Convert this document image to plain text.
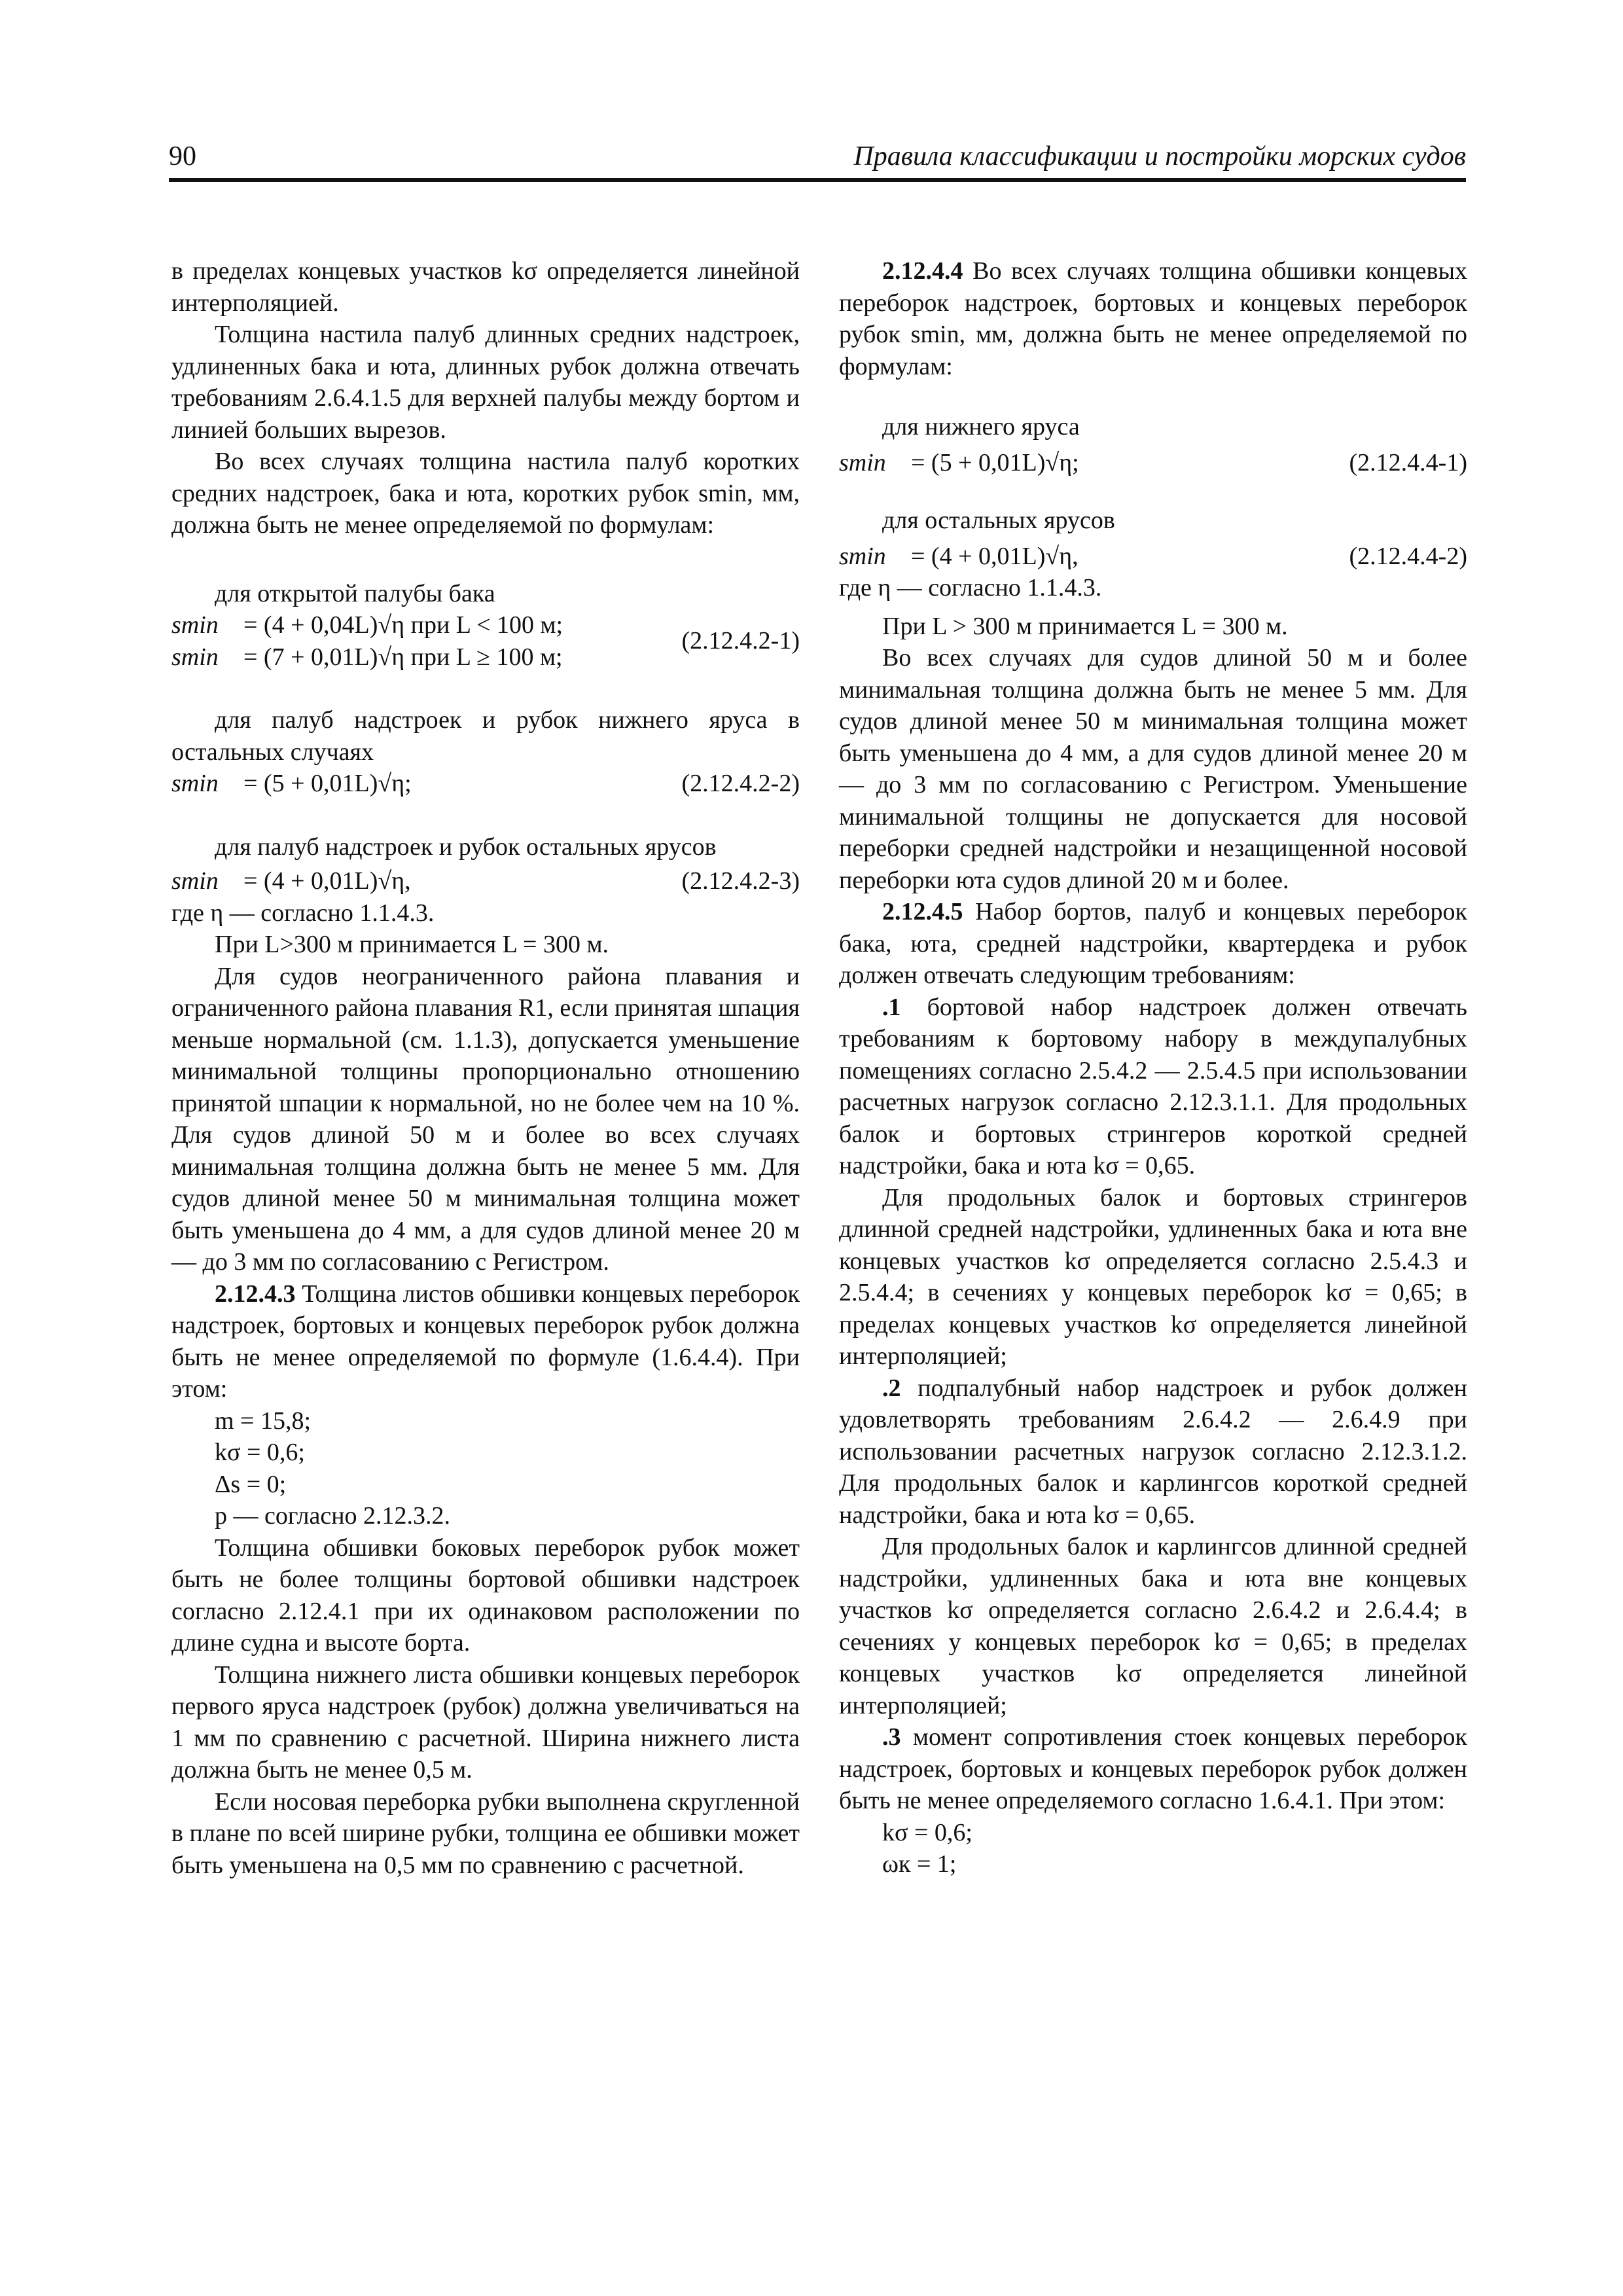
90	Правила классификации и постройки морских судов

в пределах концевых участков kσ определяется линейной интерполяцией.

Толщина настила палуб длинных средних надстроек, удлиненных бака и юта, длинных рубок должна отвечать требованиям 2.6.4.1.5 для верхней палубы между бортом и линией больших вырезов.

Во всех случаях толщина настила палуб коротких средних надстроек, бака и юта, коротких рубок smin, мм, должна быть не менее определяемой по формулам:

для открытой палубы бака
smin = (4 + 0,04L)√η при L < 100 м;
smin = (7 + 0,01L)√η при L ≥ 100 м;
(2.12.4.2-1)

для палуб надстроек и рубок нижнего яруса в остальных случаях

smin = (5 + 0,01L)√η;	(2.12.4.2-2)
для палуб надстроек и рубок остальных ярусов
smin = (4 + 0,01L)√η,	(2.12.4.2-3)

где η — согласно 1.1.4.3.

При L>300 м принимается L = 300 м.

Для судов неограниченного района плавания и ограниченного района плавания R1, если принятая шпация меньше нормальной (см. 1.1.3), допускается уменьшение минимальной толщины пропорционально отношению принятой шпации к нормальной, но не более чем на 10 %. Для судов длиной 50 м и более во всех случаях минимальная толщина должна быть не менее 5 мм. Для судов длиной менее 50 м минимальная толщина может быть уменьшена до 4 мм, а для судов длиной менее 20 м — до 3 мм по согласованию с Регистром.

2.12.4.3 Толщина листов обшивки концевых переборок надстроек, бортовых и концевых переборок рубок должна быть не менее определяемой по формуле (1.6.4.4). При этом:

m = 15,8;
kσ = 0,6;
Δs = 0;
p — согласно 2.12.3.2.

Толщина обшивки боковых переборок рубок может быть не более толщины бортовой обшивки надстроек согласно 2.12.4.1 при их одинаковом расположении по длине судна и высоте борта.

Толщина нижнего листа обшивки концевых переборок первого яруса надстроек (рубок) должна увеличиваться на 1 мм по сравнению с расчетной. Ширина нижнего листа должна быть не менее 0,5 м.

Если носовая переборка рубки выполнена скругленной в плане по всей ширине рубки, толщина ее обшивки может быть уменьшена на 0,5 мм по сравнению с расчетной.

2.12.4.4 Во всех случаях толщина обшивки концевых переборок надстроек, бортовых и концевых переборок рубок smin, мм, должна быть не менее определяемой по формулам:

для нижнего яруса
smin = (5 + 0,01L)√η;	(2.12.4.4-1)
для остальных ярусов
smin = (4 + 0,01L)√η,	(2.12.4.4-2)

где η — согласно 1.1.4.3.

При L > 300 м принимается L = 300 м.

Во всех случаях для судов длиной 50 м и более минимальная толщина должна быть не менее 5 мм. Для судов длиной менее 50 м минимальная толщина может быть уменьшена до 4 мм, а для судов длиной менее 20 м — до 3 мм по согласованию с Регистром. Уменьшение минимальной толщины не допускается для носовой переборки средней надстройки и незащищенной носовой переборки юта судов длиной 20 м и более.

2.12.4.5 Набор бортов, палуб и концевых переборок бака, юта, средней надстройки, квартердека и рубок должен отвечать следующим требованиям:

.1 бортовой набор надстроек должен отвечать требованиям к бортовому набору в междупалубных помещениях согласно 2.5.4.2 — 2.5.4.5 при использовании расчетных нагрузок согласно 2.12.3.1.1. Для продольных балок и бортовых стрингеров короткой средней надстройки, бака и юта kσ = 0,65.

Для продольных балок и бортовых стрингеров длинной средней надстройки, удлиненных бака и юта вне концевых участков kσ определяется согласно 2.5.4.3 и 2.5.4.4; в сечениях у концевых переборок kσ = 0,65; в пределах концевых участков kσ определяется линейной интерполяцией;

.2 подпалубный набор надстроек и рубок должен удовлетворять требованиям 2.6.4.2 — 2.6.4.9 при использовании расчетных нагрузок согласно 2.12.3.1.2. Для продольных балок и карлингсов короткой средней надстройки, бака и юта kσ = 0,65.

Для продольных балок и карлингсов длинной средней надстройки, удлиненных бака и юта вне концевых участков kσ определяется согласно 2.6.4.2 и 2.6.4.4; в сечениях у концевых переборок kσ = 0,65; в пределах концевых участков kσ определяется линейной интерполяцией;

.3 момент сопротивления стоек концевых переборок надстроек, бортовых и концевых переборок рубок должен быть не менее определяемого согласно 1.6.4.1. При этом:

kσ = 0,6;
ωк = 1;
